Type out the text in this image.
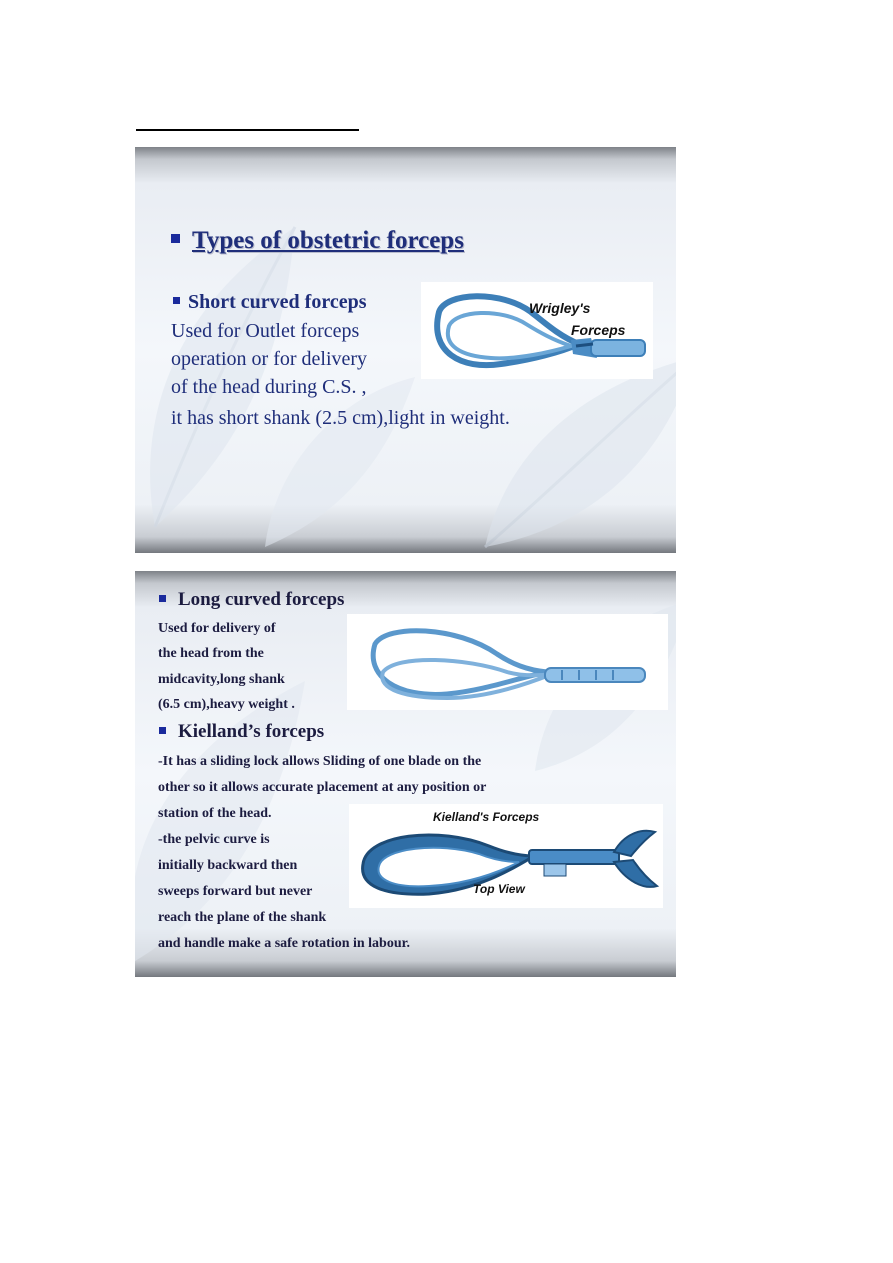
Types of obstetric forceps
Short curved forceps
Used for Outlet forceps
operation or for delivery
of the head during C.S. ,
it has short shank (2.5 cm),light in weight.
Wrigley's
Forceps
Long curved forceps
Used for delivery of
the head from the
midcavity,long shank
(6.5 cm),heavy weight .
Kielland’s forceps
-It has a sliding lock allows Sliding of one blade on the
other so it allows accurate placement at any position or
station of the head.
-the pelvic curve is
initially backward then
sweeps forward but never
reach the plane of the shank
and handle make a safe rotation in labour.
Kielland's Forceps
Top View
